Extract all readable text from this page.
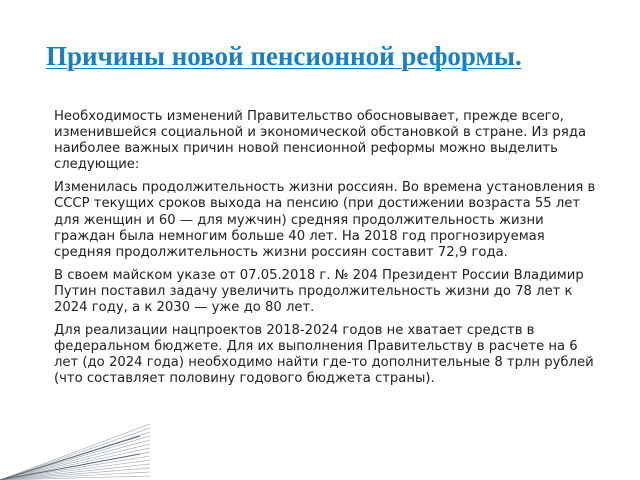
Причины новой пенсионной реформы.

Необходимость изменений Правительство обосновывает, прежде всего, изменившейся социальной и экономической обстановкой в стране. Из ряда наиболее важных причин новой пенсионной реформы можно выделить следующие:

Изменилась продолжительность жизни россиян. Во времена установления в СССР текущих сроков выхода на пенсию (при достижении возраста 55 лет для женщин и 60 — для мужчин) средняя продолжительность жизни граждан была немногим больше 40 лет. На 2018 год прогнозируемая средняя продолжительность жизни россиян составит 72,9 года.

В своем майском указе от 07.05.2018 г. № 204 Президент России Владимир Путин поставил задачу увеличить продолжительность жизни до 78 лет к 2024 году, а к 2030 — уже до 80 лет.

Для реализации нацпроектов 2018-2024 годов не хватает средств в федеральном бюджете. Для их выполнения Правительству в расчете на 6 лет (до 2024 года) необходимо найти где-то дополнительные 8 трлн рублей (что составляет половину годового бюджета страны).
